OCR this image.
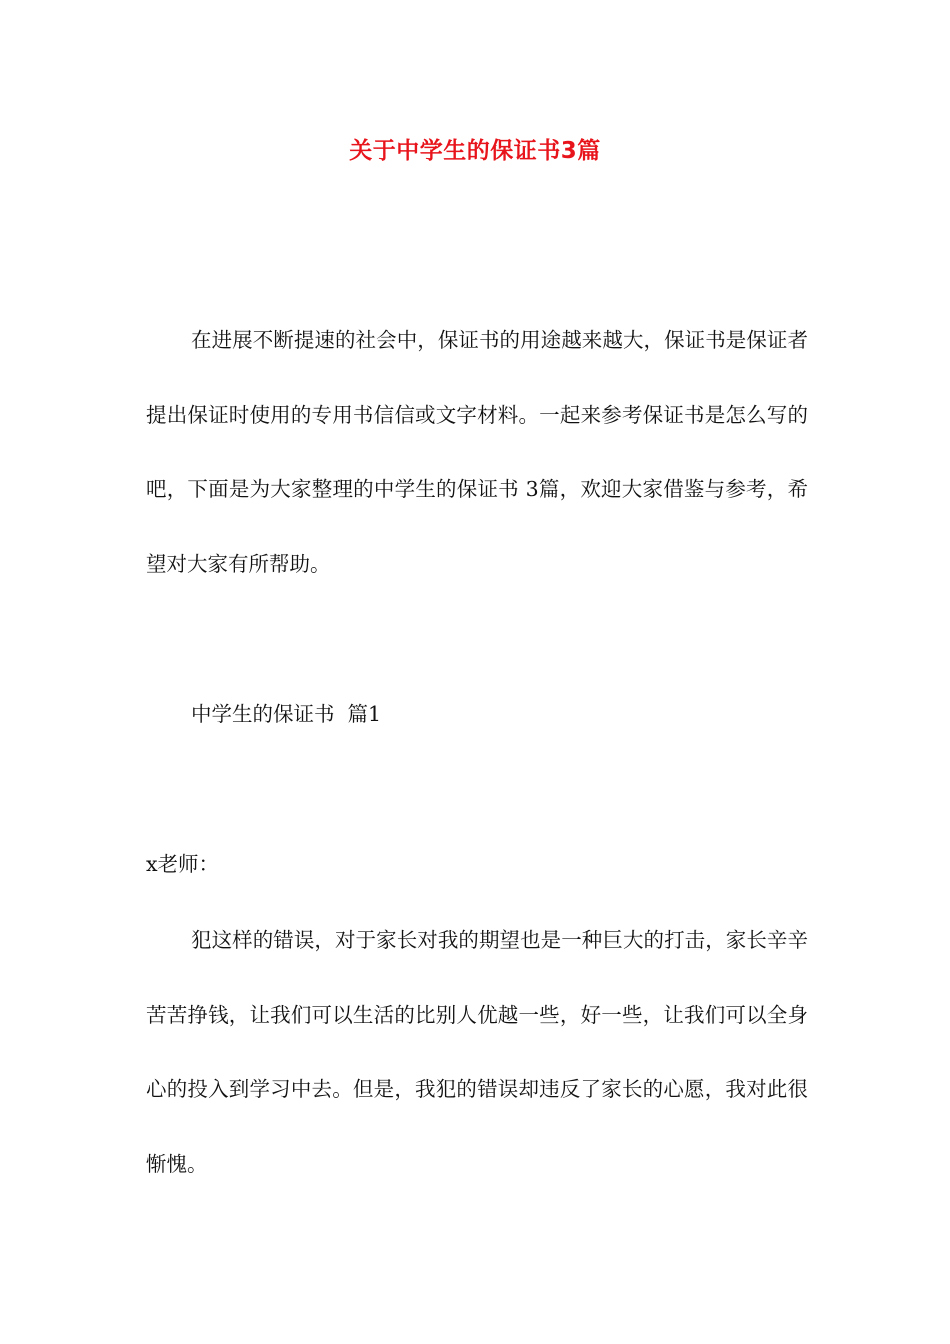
关于中学生的保证书3篇

在进展不断提速的社会中，保证书的用途越来越大，保证书是保证者提出保证时使用的专用书信信或文字材料。一起来参考保证书是怎么写的吧，下面是为大家整理的中学生的保证书 3篇，欢迎大家借鉴与参考，希望对大家有所帮助。

中学生的保证书  篇1
x老师：

犯这样的错误，对于家长对我的期望也是一种巨大的打击，家长辛辛苦苦挣钱，让我们可以生活的比别人优越一些，好一些，让我们可以全身心的投入到学习中去。但是，我犯的错误却违反了家长的心愿，我对此很惭愧。
